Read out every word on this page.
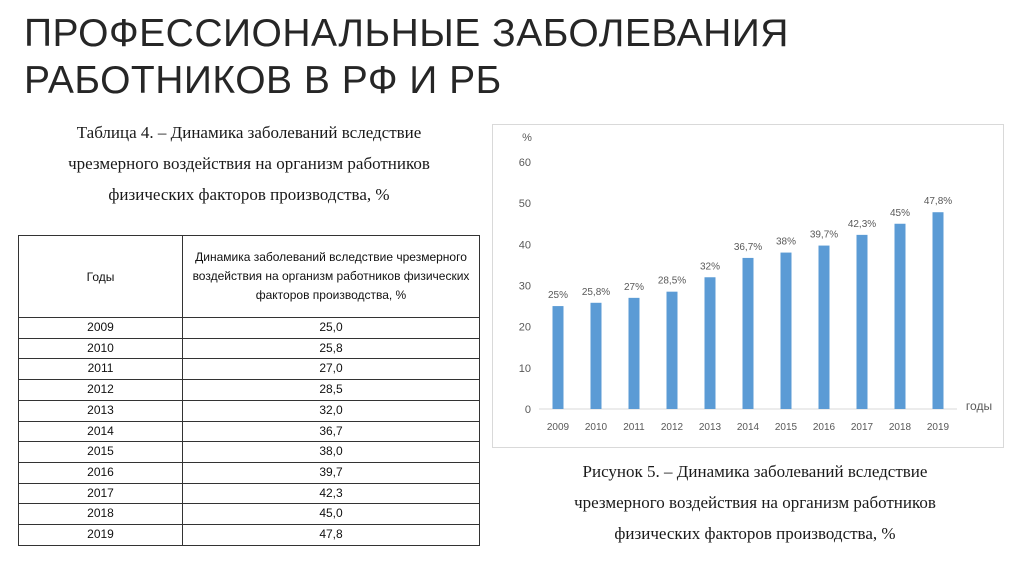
ПРОФЕССИОНАЛЬНЫЕ ЗАБОЛЕВАНИЯ
РАБОТНИКОВ В РФ И РБ
Таблица 4. – Динамика заболеваний вследствие
чрезмерного воздействия на организм работников
физических факторов производства, %
Годы	Динамика заболеваний вследствие чрезмерного воздействия на организм работников физических факторов производства, %
2009	25,0
2010	25,8
2011	27,0
2012	28,5
2013	32,0
2014	36,7
2015	38,0
2016	39,7
2017	42,3
2018	45,0
2019	47,8
%
0
10
20
30
40
50
60
25%
2009
25,8%
2010
27%
2011
28,5%
2012
32%
2013
36,7%
2014
38%
2015
39,7%
2016
42,3%
2017
45%
2018
47,8%
2019
годы
Рисунок 5. – Динамика заболеваний вследствие
чрезмерного воздействия на организм работников
физических факторов производства, %
